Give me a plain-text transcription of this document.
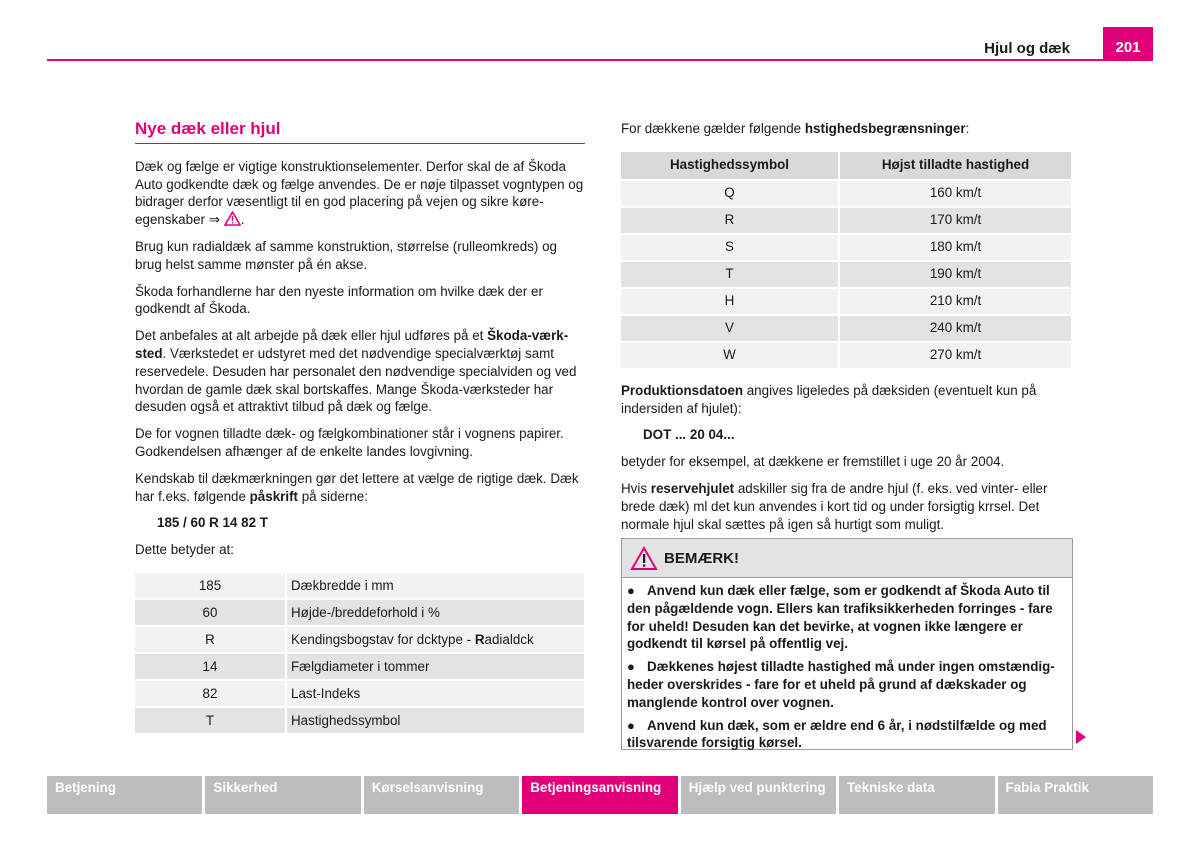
Hjul og dæk	201
Nye dæk eller hjul

Dæk og fælge er vigtige konstruktionselementer. Derfor skal de af Škoda Auto godkendte dæk og fælge anvendes. De er nøje tilpasset vogntypen og bidrager derfor væsentligt til en god placering på vejen og sikre køre-egenskaber ⇒ .

Brug kun radialdæk af samme konstruktion, størrelse (rulleomkreds) og brug helst samme mønster på én akse.

Škoda forhandlerne har den nyeste information om hvilke dæk der er godkendt af Škoda.

Det anbefales at alt arbejde på dæk eller hjul udføres på et Škoda-værk-sted. Værkstedet er udstyret med det nødvendige specialværktøj samt reservedele. Desuden har personalet den nødvendige specialviden og ved hvordan de gamle dæk skal bortskaffes. Mange Škoda-værksteder har desuden også et attraktivt tilbud på dæk og fælge.

De for vognen tilladte dæk- og fælgkombinationer står i vognens papirer. Godkendelsen afhænger af de enkelte landes lovgivning.

Kendskab til dækmærkningen gør det lettere at vælge de rigtige dæk. Dæk har f.eks. følgende påskrift på siderne:

185 / 60 R 14 82 T

Dette betyder at:

185	Dækbredde i mm
60	Højde-/breddeforhold i %
R	Kendingsbogstav for dcktype - Radialdck
14	Fælgdiameter i tommer
82	Last-Indeks
T	Hastighedssymbol

For dækkene gælder følgende hstighedsbegrænsninger:

Hastighedssymbol	Højst tilladte hastighed
Q	160 km/t
R	170 km/t
S	180 km/t
T	190 km/t
H	210 km/t
V	240 km/t
W	270 km/t

Produktionsdatoen angives ligeledes på dæksiden (eventuelt kun på indersiden af hjulet):

DOT ... 20 04...

betyder for eksempel, at dækkene er fremstillet i uge 20 år 2004.

Hvis reservehjulet adskiller sig fra de andre hjul (f. eks. ved vinter- eller brede dæk) ml det kun anvendes i kort tid og under forsigtig krrsel. Det normale hjul skal sættes på igen så hurtigt som muligt.

BEMÆRK!

● Anvend kun dæk eller fælge, som er godkendt af Škoda Auto til den pågældende vogn. Ellers kan trafiksikkerheden forringes - fare for uheld! Desuden kan det bevirke, at vognen ikke længere er godkendt til kørsel på offentlig vej.

● Dækkenes højest tilladte hastighed må under ingen omstændig-heder overskrides - fare for et uheld på grund af dækskader og manglende kontrol over vognen.

● Anvend kun dæk, som er ældre end 6 år, i nødstilfælde og med tilsvarende forsigtig kørsel.

Betjening	Sikkerhed	Kørselsanvisning	Betjeningsanvisning	Hjælp ved punktering	Tekniske data	Fabia Praktik
